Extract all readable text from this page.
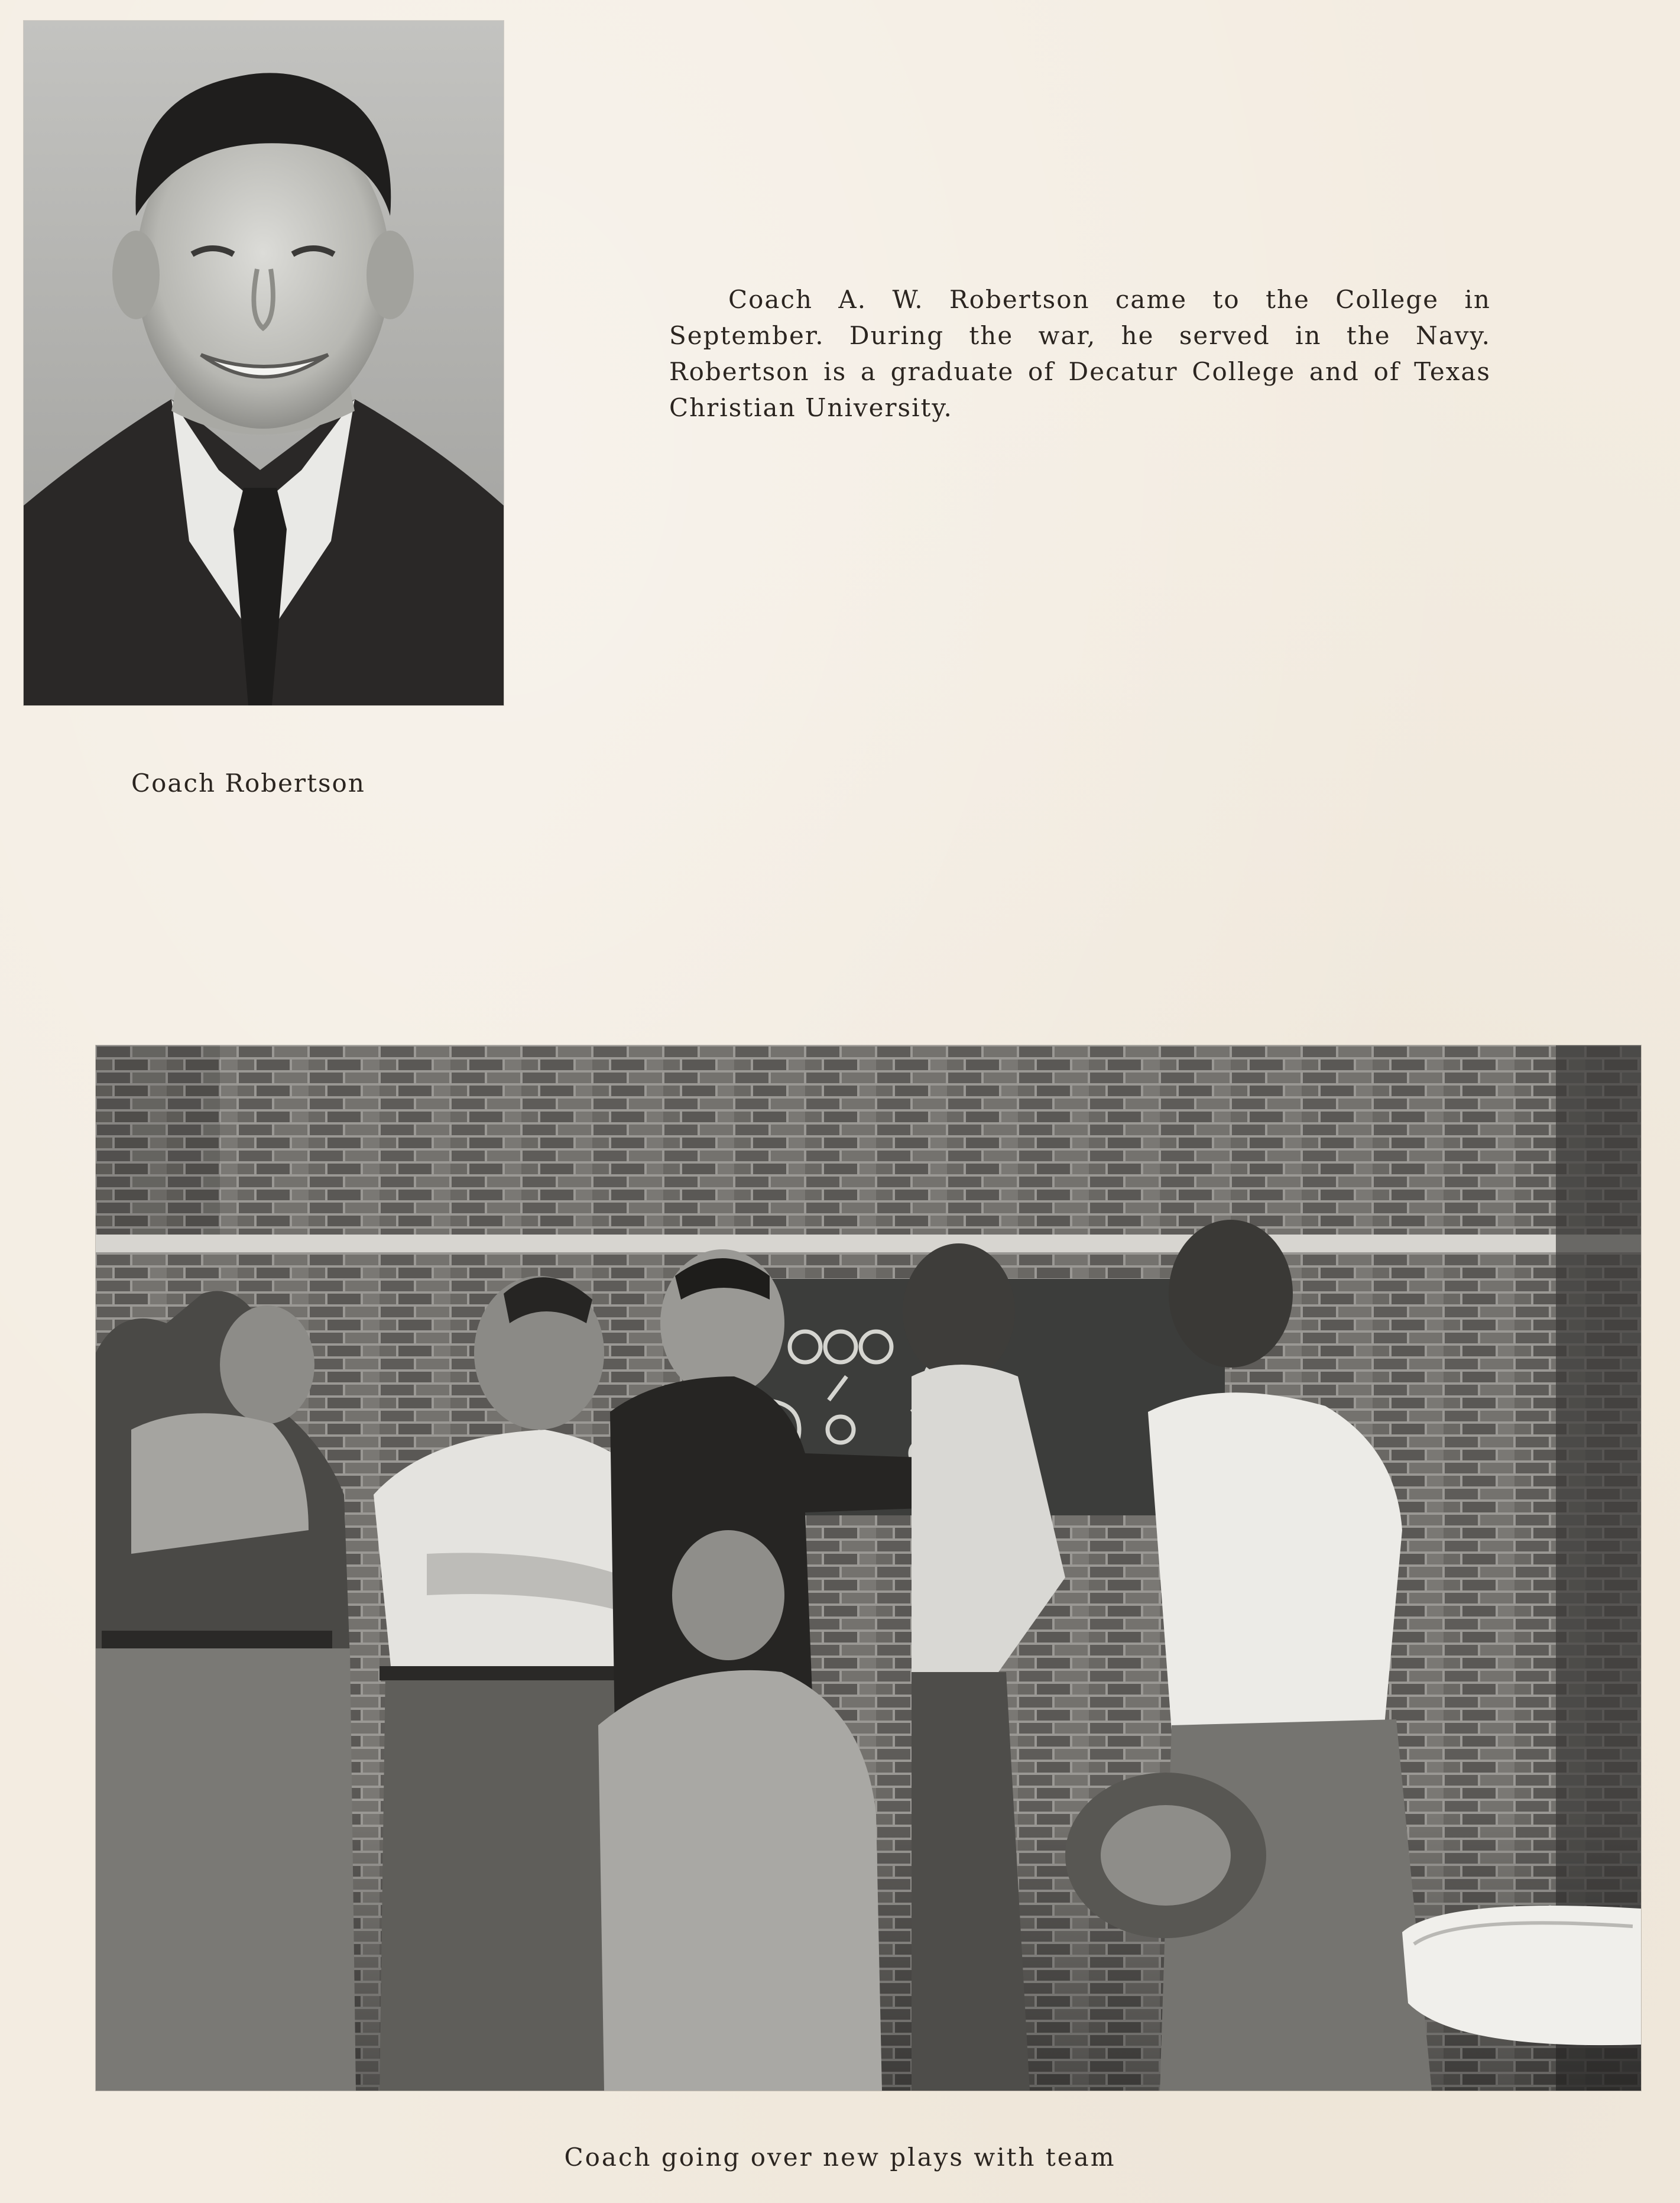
Coach A. W. Robertson came to the College in September. During the war, he served in the Navy. Robertson is a graduate of Decatur College and of Texas Christian University.

Coach Robertson

Coach going over new plays with team
